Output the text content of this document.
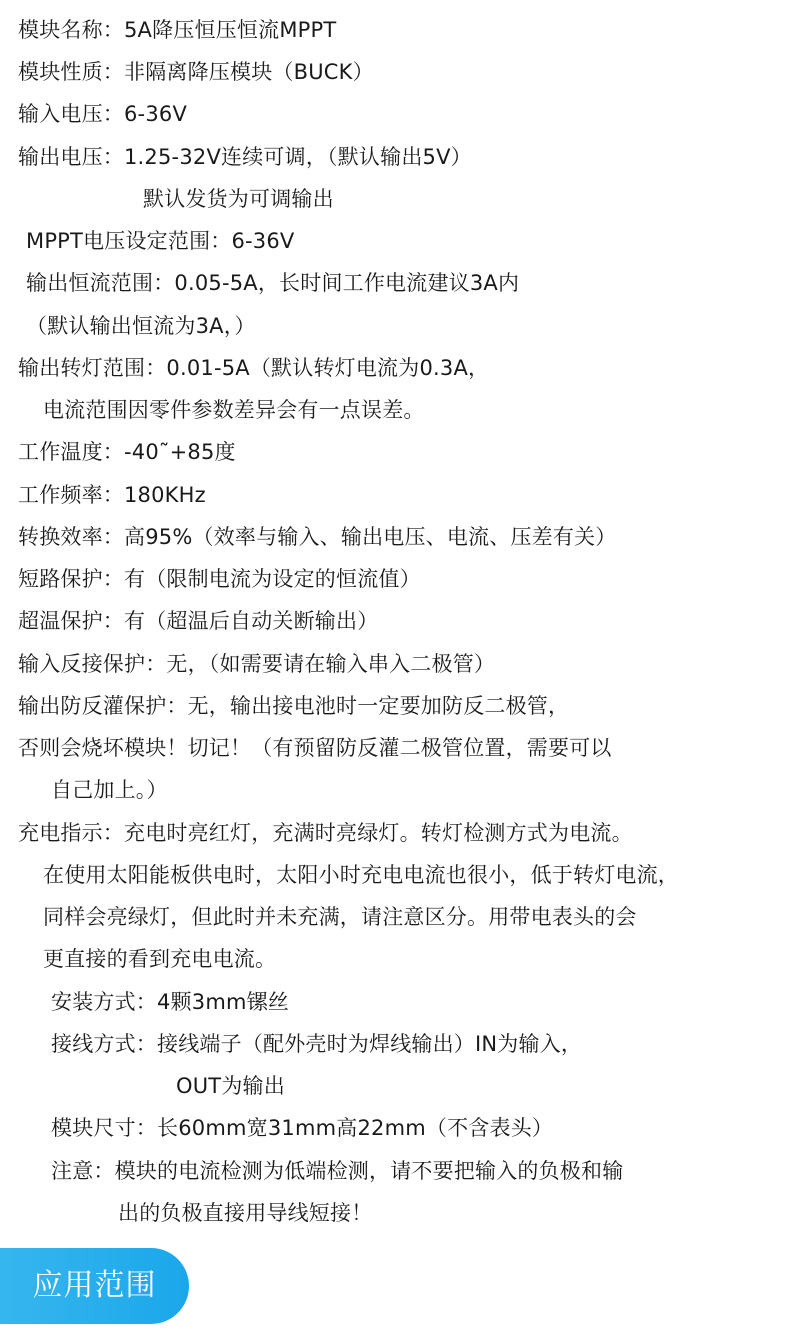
模块名称：5A降压恒压恒流MPPT
模块性质：非隔离降压模块（BUCK）
输入电压：6-36V
输出电压：1.25-32V连续可调，（默认输出5V）
默认发货为可调输出
MPPT电压设定范围：6-36V
输出恒流范围：0.05-5A，长时间工作电流建议3A内
（默认输出恒流为3A，）
输出转灯范围：0.01-5A（默认转灯电流为0.3A，
电流范围因零件参数差异会有一点误差。
工作温度：-40˜+85度
工作频率：180KHz
转换效率：高95%（效率与输入、输出电压、电流、压差有关）
短路保护：有（限制电流为设定的恒流值）
超温保护：有（超温后自动关断输出）
输入反接保护：无，（如需要请在输入串入二极管）
输出防反灌保护：无，输出接电池时一定要加防反二极管，
否则会烧坏模块！切记！（有预留防反灌二极管位置，需要可以
自己加上。）
充电指示：充电时亮红灯，充满时亮绿灯。转灯检测方式为电流。
在使用太阳能板供电时，太阳小时充电电流也很小，低于转灯电流，
同样会亮绿灯，但此时并未充满，请注意区分。用带电表头的会
更直接的看到充电电流。
安装方式：4颗3mm镙丝
接线方式：接线端子（配外壳时为焊线输出）IN为输入，
OUT为输出
模块尺寸：长60mm宽31mm高22mm（不含表头）
注意：模块的电流检测为低端检测，请不要把输入的负极和输
出的负极直接用导线短接！
应用范围
